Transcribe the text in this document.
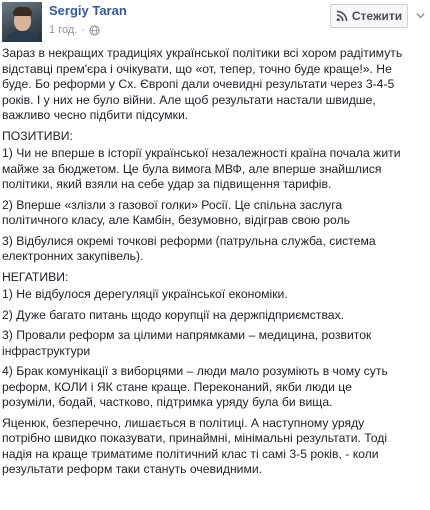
Sergiy Taran
1 год. ·
Стежити
Зараз в некращих традиціях української політики всі хором радітимуть
відставці прем'єра і очікувати, що «от, тепер, точно буде краще!». Не
буде. Бо реформи у Сх. Європі дали очевидні результати через 3-4-5
років. І у них не було війни. Але щоб результати настали швидше,
важливо чесно підбити підсумки.
ПОЗИТИВИ:
1) Чи не вперше в історії української незалежності країна почала жити
майже за бюджетом. Це була вимога МВФ, але вперше знайшлися
політики, який взяли на себе удар за підвищення тарифів.
2) Вперше «злізли з газової голки» Росії. Це спільна заслуга
політичного класу, але Камбін, безумовно, відіграв свою роль
3) Відбулися окремі точкові реформи (патрульна служба, система
електронних закупівель).
НЕГАТИВИ:
1) Не відбулося дерегуляції української економіки.
2) Дуже багато питань щодо корупції на держпідприємствах.
3) Провали реформ за цілими напрямками – медицина, розвиток
інфраструктури
4) Брак комунікації з виборцями – люди мало розуміють в чому суть
реформ, КОЛИ і ЯК стане краще. Переконаний, якби люди це
розуміли, бодай, частково, підтримка уряду була би вища.
Яценюк, безперечно, лишається в політиці. А наступному уряду
потрібно швидко показувати, принаймні, мінімальні результати. Тоді
надія на краще триматиме політичний клас ті самі 3-5 років, - коли
результати реформ таки стануть очевидними.
